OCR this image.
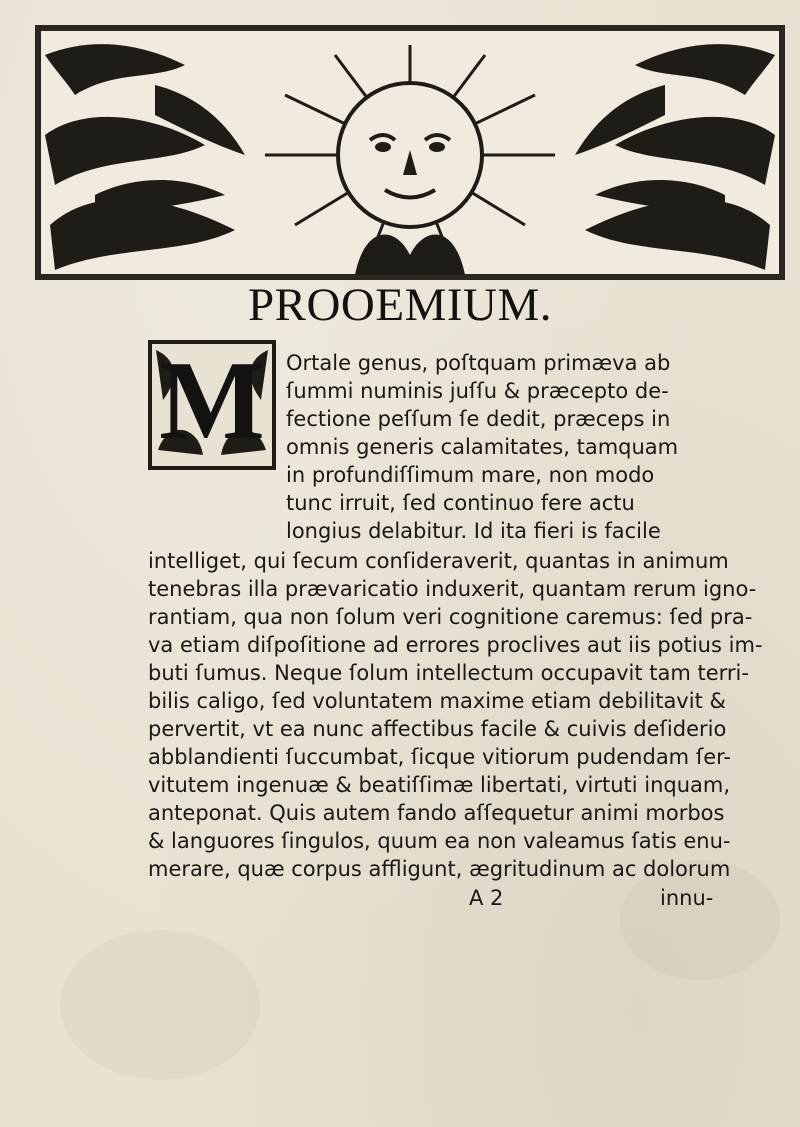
PROOEMIUM.
M Ortale genus, poſtquam primæva ab
ſummi numinis juſſu & præcepto de-
fectione peſſum ſe dedit, præceps in
omnis generis calamitates, tamquam
in profundiſſimum mare, non modo
tunc irruit, ſed continuo fere actu
longius delabitur. Id ita fieri is facile
intelliget, qui ſecum conſideraverit, quantas in animum
tenebras illa prævaricatio induxerit, quantam rerum igno-
rantiam, qua non ſolum veri cognitione caremus: ſed pra-
va etiam diſpoſitione ad errores proclives aut iis potius im-
buti ſumus. Neque ſolum intellectum occupavit tam terri-
bilis caligo, ſed voluntatem maxime etiam debilitavit &
pervertit, vt ea nunc affectibus facile & cuivis deſiderio
abblandienti ſuccumbat, ſicque vitiorum pudendam ſer-
vitutem ingenuæ & beatiſſimæ libertati, virtuti inquam,
anteponat. Quis autem fando aſſequetur animi morbos
& languores ſingulos, quum ea non valeamus ſatis enu-
merare, quæ corpus affligunt, ægritudinum ac dolorum
A 2	innu-
